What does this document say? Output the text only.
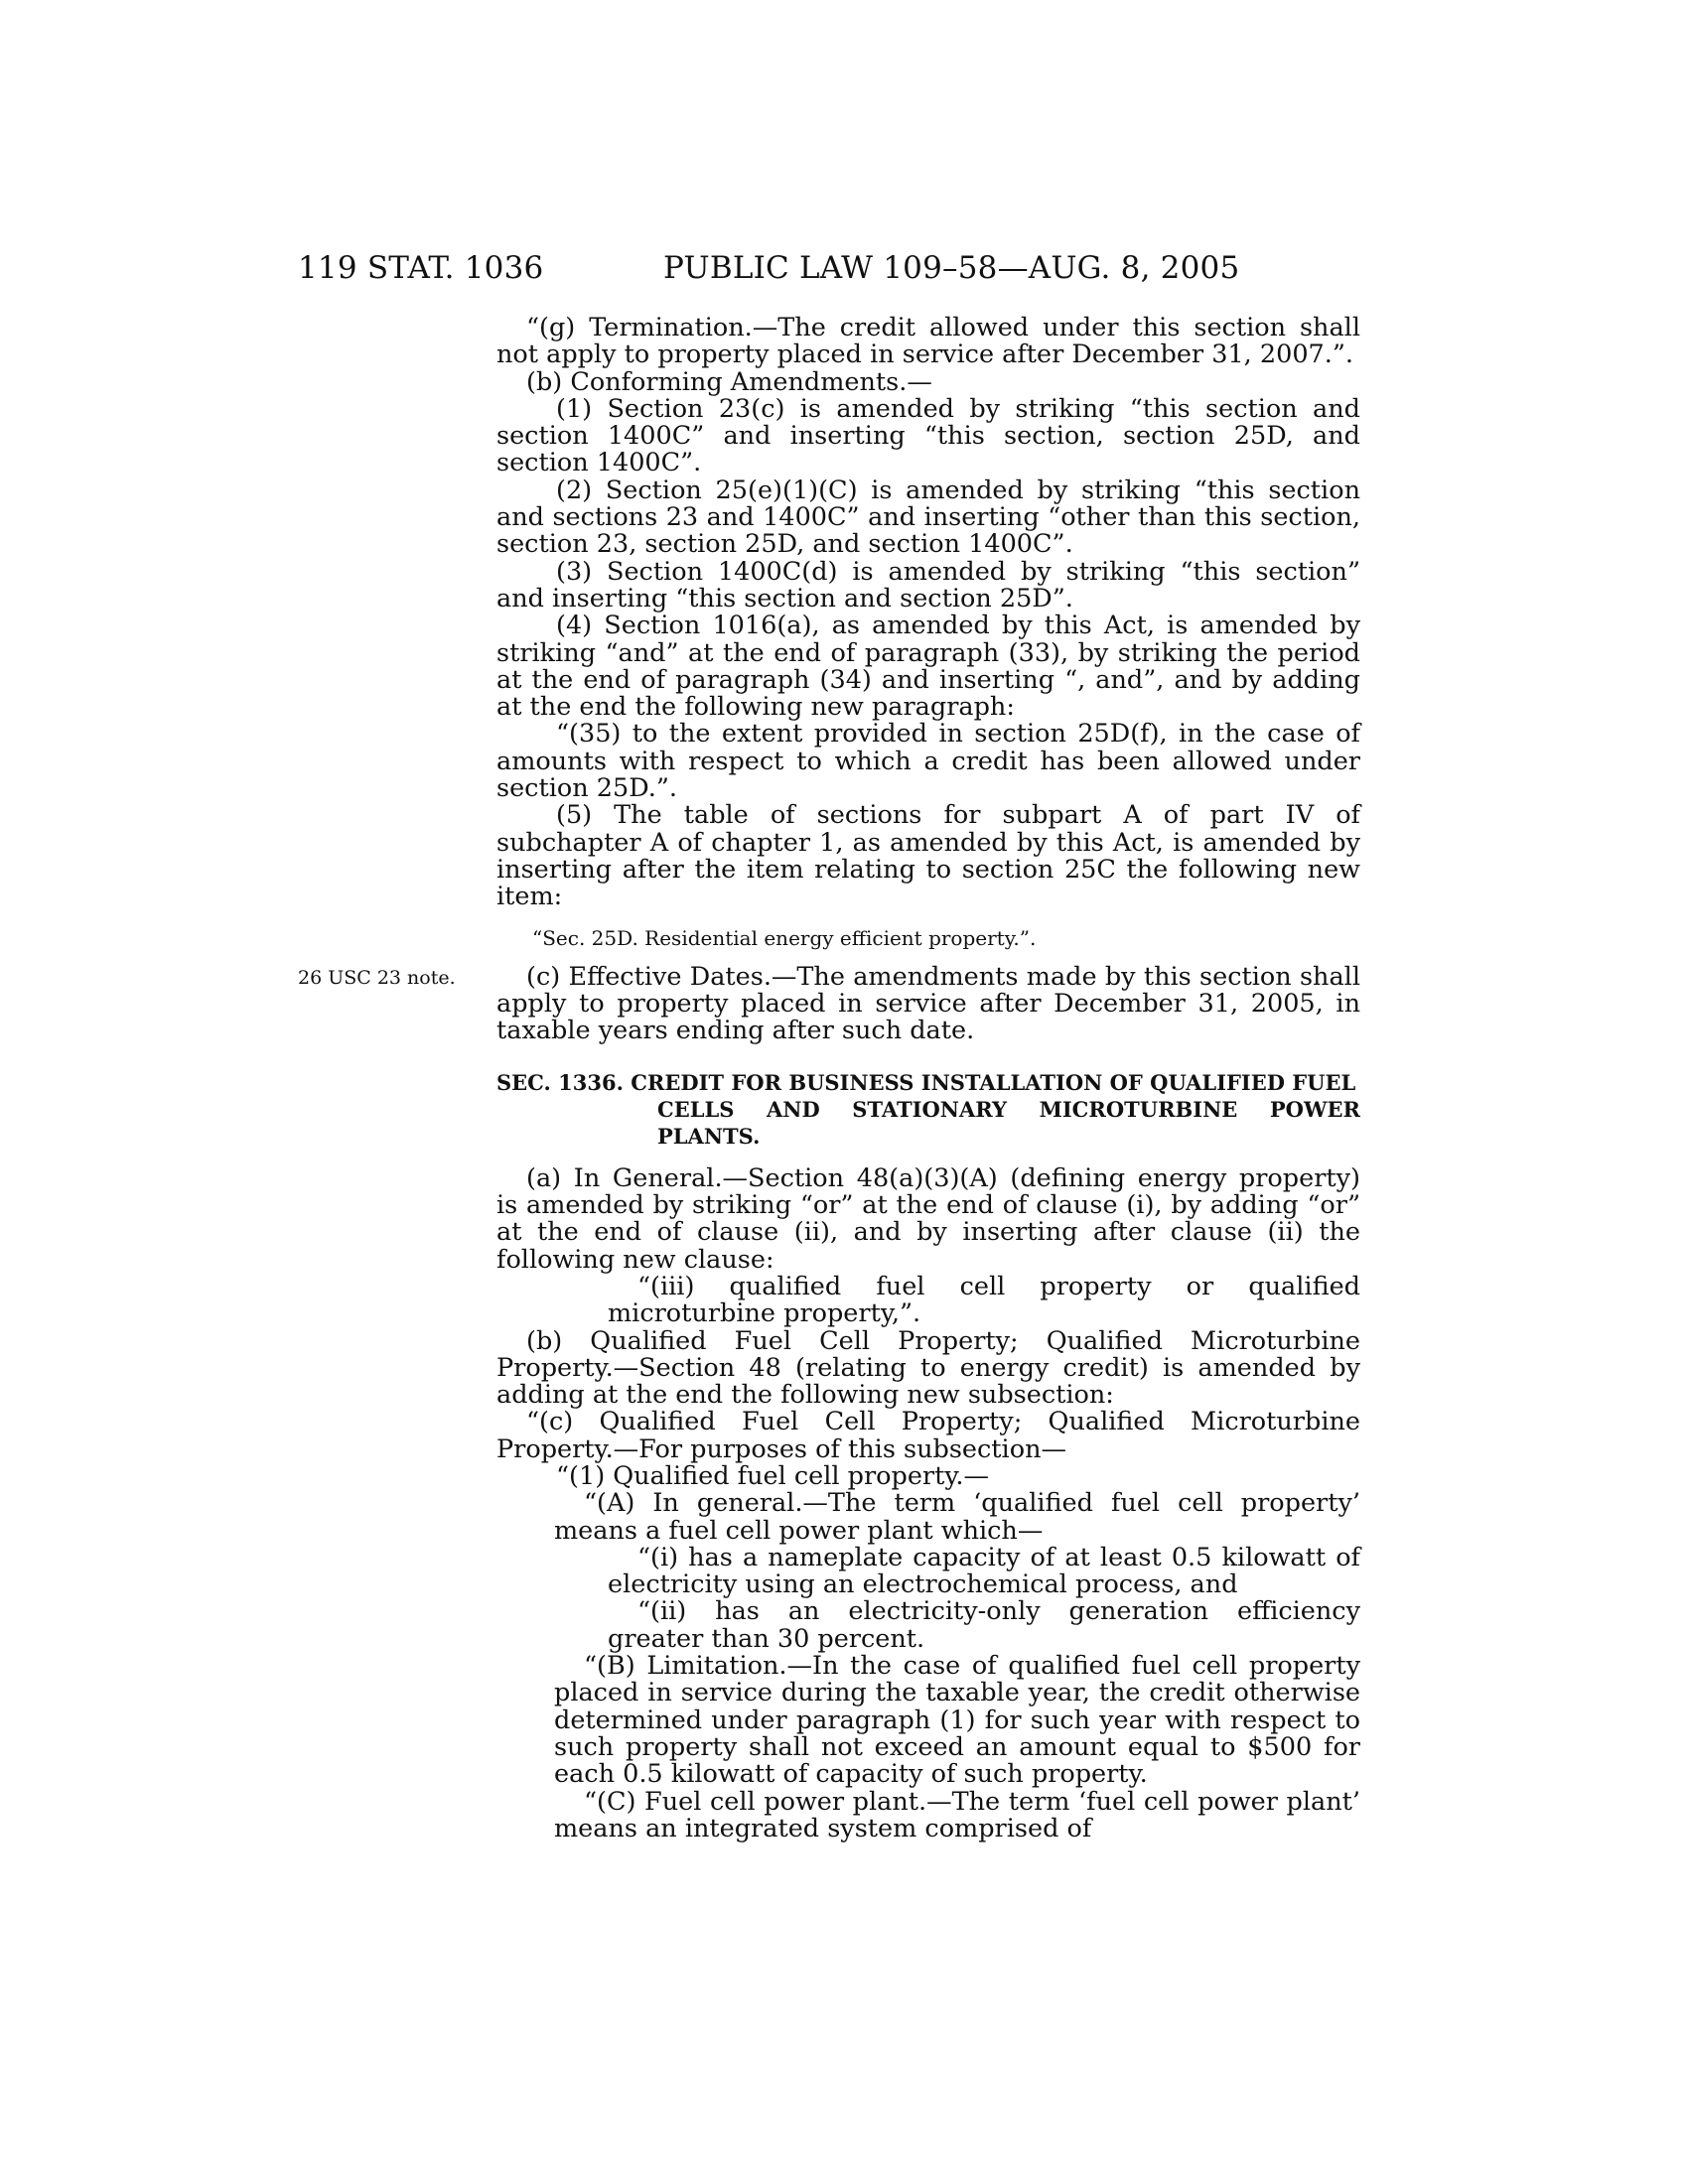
119 STAT. 1036	PUBLIC LAW 109–58—AUG. 8, 2005
26 USC 23 note.

“(g) Termination.—The credit allowed under this section shall not apply to property placed in service after December 31, 2007.”.

(b) Conforming Amendments.—

(1) Section 23(c) is amended by striking “this section and section 1400C” and inserting “this section, section 25D, and section 1400C”.

(2) Section 25(e)(1)(C) is amended by striking “this section and sections 23 and 1400C” and inserting “other than this section, section 23, section 25D, and section 1400C”.

(3) Section 1400C(d) is amended by striking “this section” and inserting “this section and section 25D”.

(4) Section 1016(a), as amended by this Act, is amended by striking “and” at the end of paragraph (33), by striking the period at the end of paragraph (34) and inserting “, and”, and by adding at the end the following new paragraph:

“(35) to the extent provided in section 25D(f), in the case of amounts with respect to which a credit has been allowed under section 25D.”.

(5) The table of sections for subpart A of part IV of subchapter A of chapter 1, as amended by this Act, is amended by inserting after the item relating to section 25C the following new item:

“Sec. 25D. Residential energy efficient property.”.

(c) Effective Dates.—The amendments made by this section shall apply to property placed in service after December 31, 2005, in taxable years ending after such date.

SEC. 1336. CREDIT FOR BUSINESS INSTALLATION OF QUALIFIED FUEL
CELLS AND STATIONARY MICROTURBINE POWER
PLANTS.

(a) In General.—Section 48(a)(3)(A) (defining energy property) is amended by striking “or” at the end of clause (i), by adding “or” at the end of clause (ii), and by inserting after clause (ii) the following new clause:

“(iii) qualified fuel cell property or qualified microturbine property,”.

(b) Qualified Fuel Cell Property; Qualified Microturbine Property.—Section 48 (relating to energy credit) is amended by adding at the end the following new subsection:

“(c) Qualified Fuel Cell Property; Qualified Microturbine Property.—For purposes of this subsection—

“(1) Qualified fuel cell property.—

“(A) In general.—The term ‘qualified fuel cell property’ means a fuel cell power plant which—

“(i) has a nameplate capacity of at least 0.5 kilowatt of electricity using an electrochemical process, and

“(ii) has an electricity-only generation efficiency greater than 30 percent.

“(B) Limitation.—In the case of qualified fuel cell property placed in service during the taxable year, the credit otherwise determined under paragraph (1) for such year with respect to such property shall not exceed an amount equal to $500 for each 0.5 kilowatt of capacity of such property.

“(C) Fuel cell power plant.—The term ‘fuel cell power plant’ means an integrated system comprised of
